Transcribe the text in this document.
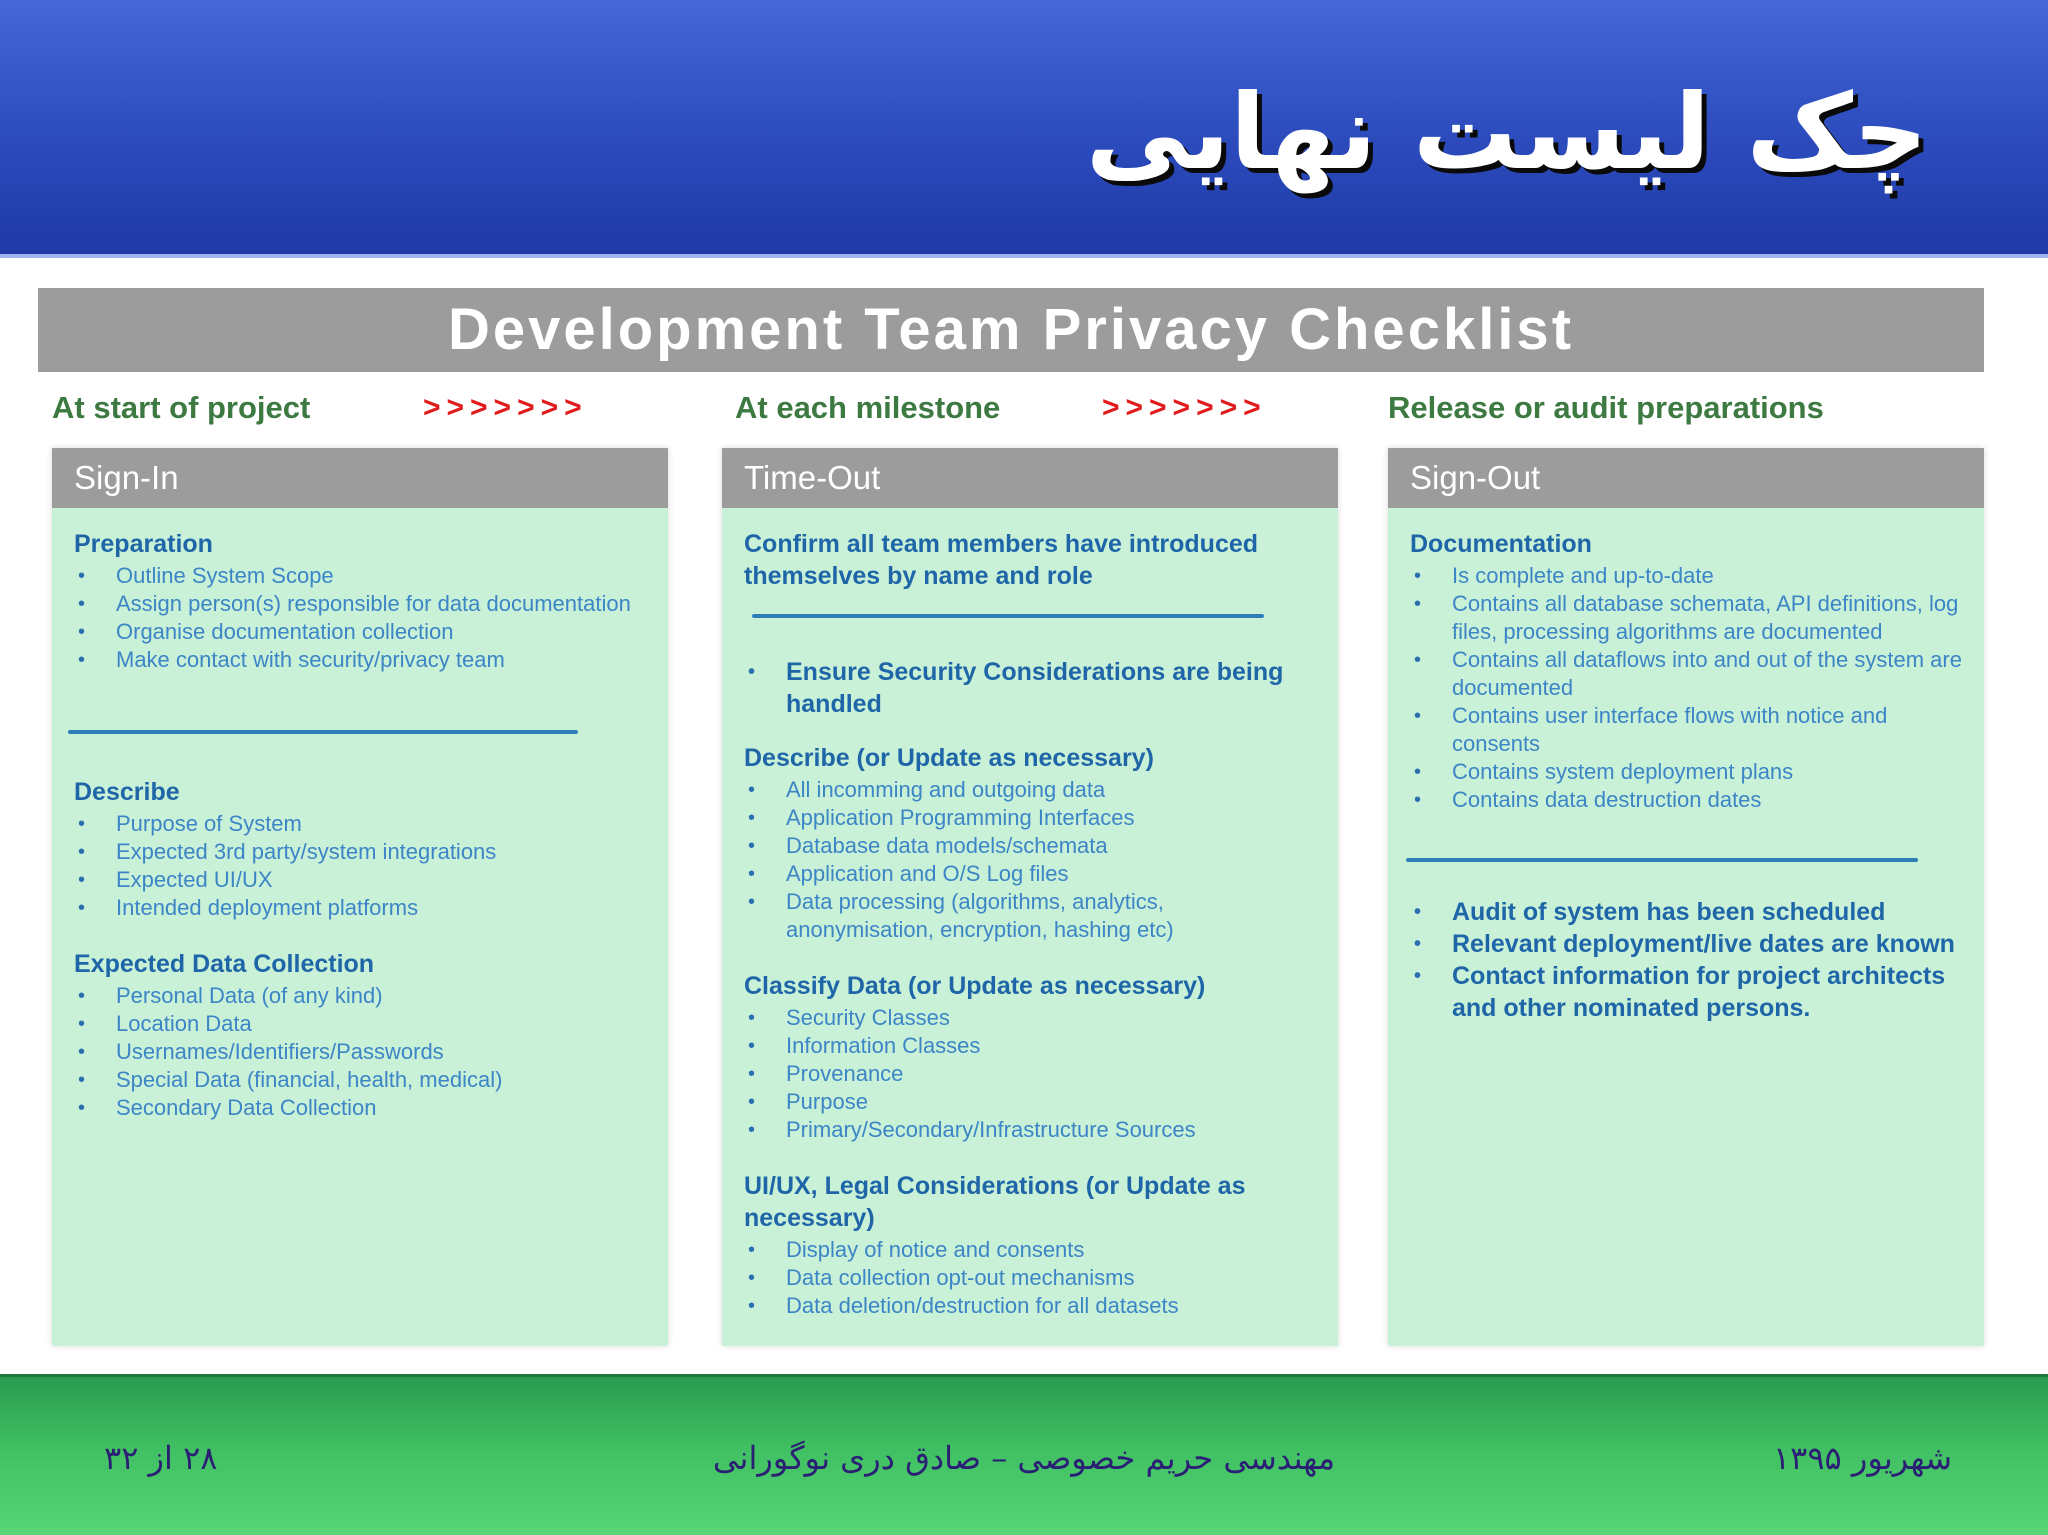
چک لیست نهایی
Development Team Privacy Checklist
At start of project	>>>>>>>	At each milestone	>>>>>>>	Release or audit preparations
Sign-In

Preparation

• Outline System Scope
• Assign person(s) responsible for data documentation
• Organise documentation collection
• Make contact with security/privacy team

Describe

• Purpose of System
• Expected 3rd party/system integrations
• Expected UI/UX
• Intended deployment platforms

Expected Data Collection

• Personal Data (of any kind)
• Location Data
• Usernames/Identifiers/Passwords
• Special Data (financial, health, medical)
• Secondary Data Collection
Time-Out

Confirm all team members have introduced themselves by name and role

• Ensure Security Considerations are being handled

Describe (or Update as necessary)

• All incomming and outgoing data
• Application Programming Interfaces
• Database data models/schemata
• Application and O/S Log files
• Data processing (algorithms, analytics, anonymisation, encryption, hashing etc)

Classify Data (or Update as necessary)

• Security Classes
• Information Classes
• Provenance
• Purpose
• Primary/Secondary/Infrastructure Sources

UI/UX, Legal Considerations (or Update as necessary)

• Display of notice and consents
• Data collection opt-out mechanisms
• Data deletion/destruction for all datasets
Sign-Out

Documentation

• Is complete and up-to-date
• Contains all database schemata, API definitions, log files, processing algorithms are documented
• Contains all dataflows into and out of the system are documented
• Contains user interface flows with notice and consents
• Contains system deployment plans
• Contains data destruction dates
• Audit of system has been scheduled
• Relevant deployment/live dates are known
• Contact information for project architects and other nominated persons.
۲۸ از ۳۲	مهندسی حریم خصوصی – صادق دری نوگورانی	شهریور ۱۳۹۵
